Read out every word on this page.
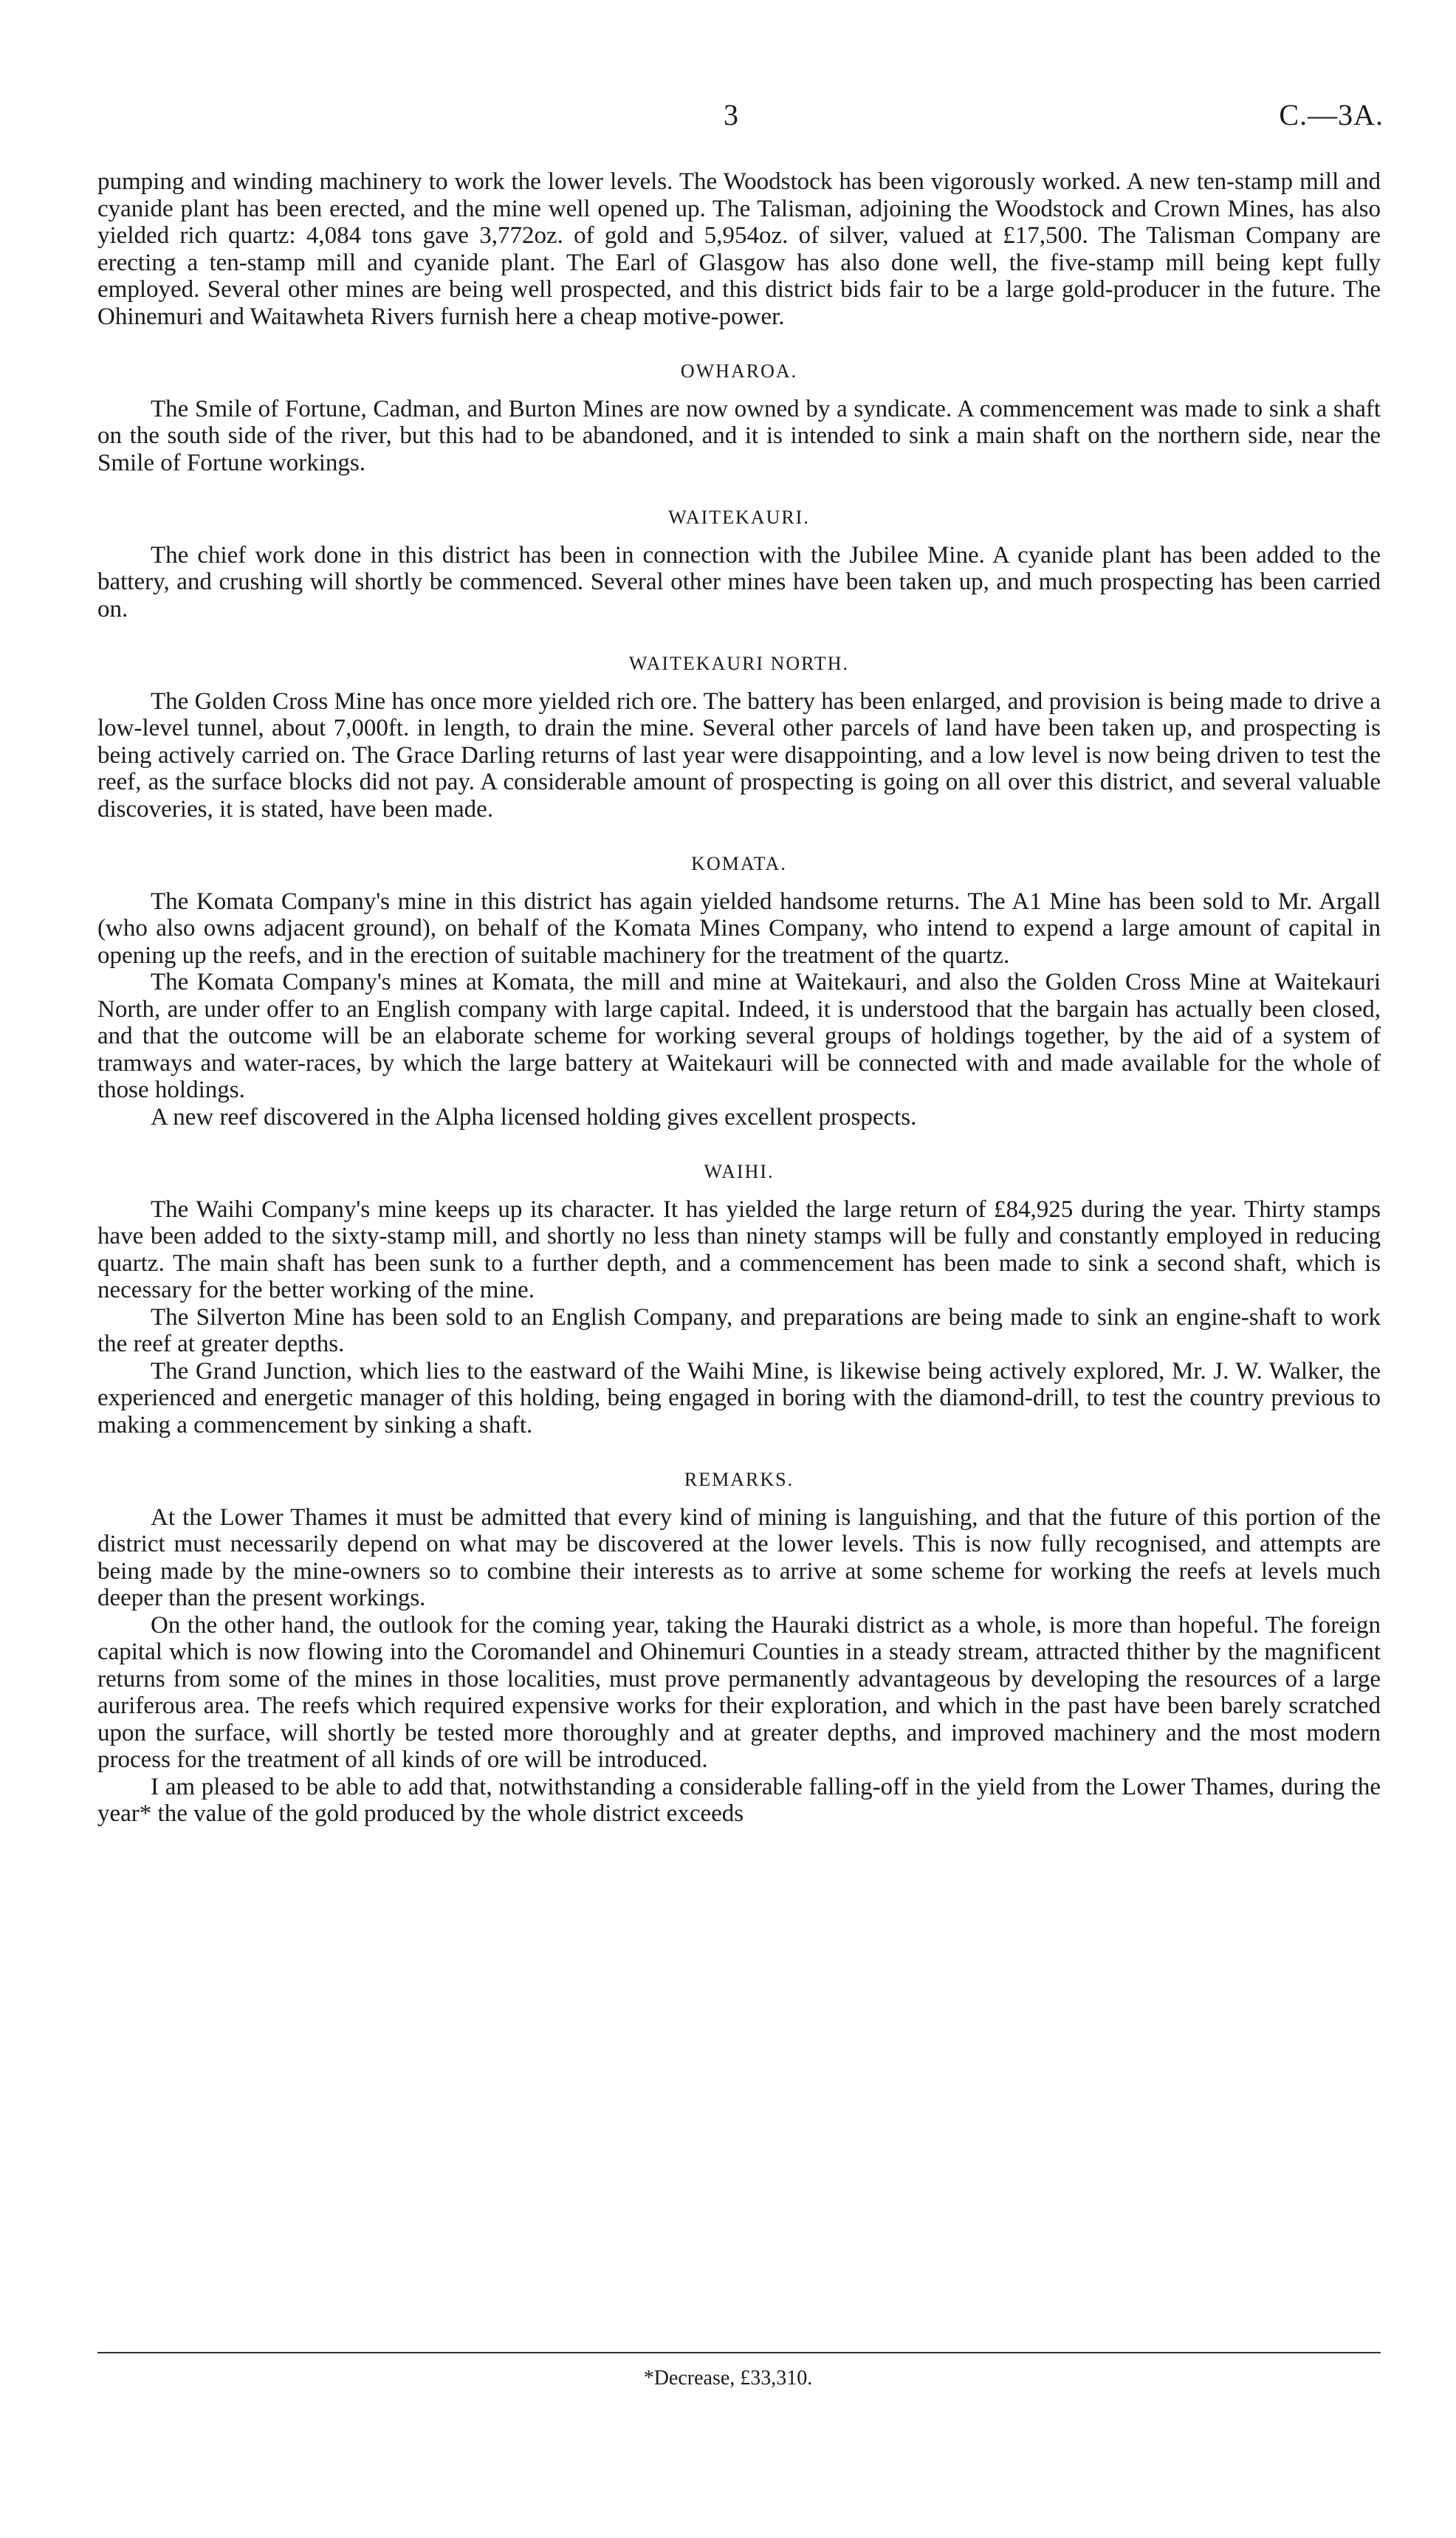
3	C.—3A.

pumping and winding machinery to work the lower levels. The Woodstock has been vigorously worked. A new ten-stamp mill and cyanide plant has been erected, and the mine well opened up. The Talisman, adjoining the Woodstock and Crown Mines, has also yielded rich quartz: 4,084 tons gave 3,772oz. of gold and 5,954oz. of silver, valued at £17,500. The Talisman Company are erecting a ten-stamp mill and cyanide plant. The Earl of Glasgow has also done well, the five-stamp mill being kept fully employed. Several other mines are being well prospected, and this district bids fair to be a large gold-producer in the future. The Ohinemuri and Waitawheta Rivers furnish here a cheap motive-power.

OWHAROA.

The Smile of Fortune, Cadman, and Burton Mines are now owned by a syndicate. A commencement was made to sink a shaft on the south side of the river, but this had to be abandoned, and it is intended to sink a main shaft on the northern side, near the Smile of Fortune workings.

WAITEKAURI.

The chief work done in this district has been in connection with the Jubilee Mine. A cyanide plant has been added to the battery, and crushing will shortly be commenced. Several other mines have been taken up, and much prospecting has been carried on.

WAITEKAURI NORTH.

The Golden Cross Mine has once more yielded rich ore. The battery has been enlarged, and provision is being made to drive a low-level tunnel, about 7,000ft. in length, to drain the mine. Several other parcels of land have been taken up, and prospecting is being actively carried on. The Grace Darling returns of last year were disappointing, and a low level is now being driven to test the reef, as the surface blocks did not pay. A considerable amount of prospecting is going on all over this district, and several valuable discoveries, it is stated, have been made.

KOMATA.

The Komata Company's mine in this district has again yielded handsome returns. The A1 Mine has been sold to Mr. Argall (who also owns adjacent ground), on behalf of the Komata Mines Company, who intend to expend a large amount of capital in opening up the reefs, and in the erection of suitable machinery for the treatment of the quartz.

The Komata Company's mines at Komata, the mill and mine at Waitekauri, and also the Golden Cross Mine at Waitekauri North, are under offer to an English company with large capital. Indeed, it is understood that the bargain has actually been closed, and that the outcome will be an elaborate scheme for working several groups of holdings together, by the aid of a system of tramways and water-races, by which the large battery at Waitekauri will be connected with and made available for the whole of those holdings.

A new reef discovered in the Alpha licensed holding gives excellent prospects.

WAIHI.

The Waihi Company's mine keeps up its character. It has yielded the large return of £84,925 during the year. Thirty stamps have been added to the sixty-stamp mill, and shortly no less than ninety stamps will be fully and constantly employed in reducing quartz. The main shaft has been sunk to a further depth, and a commencement has been made to sink a second shaft, which is necessary for the better working of the mine.

The Silverton Mine has been sold to an English Company, and preparations are being made to sink an engine-shaft to work the reef at greater depths.

The Grand Junction, which lies to the eastward of the Waihi Mine, is likewise being actively explored, Mr. J. W. Walker, the experienced and energetic manager of this holding, being engaged in boring with the diamond-drill, to test the country previous to making a commencement by sinking a shaft.

REMARKS.

At the Lower Thames it must be admitted that every kind of mining is languishing, and that the future of this portion of the district must necessarily depend on what may be discovered at the lower levels. This is now fully recognised, and attempts are being made by the mine-owners so to combine their interests as to arrive at some scheme for working the reefs at levels much deeper than the present workings.

On the other hand, the outlook for the coming year, taking the Hauraki district as a whole, is more than hopeful. The foreign capital which is now flowing into the Coromandel and Ohinemuri Counties in a steady stream, attracted thither by the magnificent returns from some of the mines in those localities, must prove permanently advantageous by developing the resources of a large auriferous area. The reefs which required expensive works for their exploration, and which in the past have been barely scratched upon the surface, will shortly be tested more thoroughly and at greater depths, and improved machinery and the most modern process for the treatment of all kinds of ore will be introduced.

I am pleased to be able to add that, notwithstanding a considerable falling-off in the yield from the Lower Thames, during the year* the value of the gold produced by the whole district exceeds

*Decrease, £33,310.
